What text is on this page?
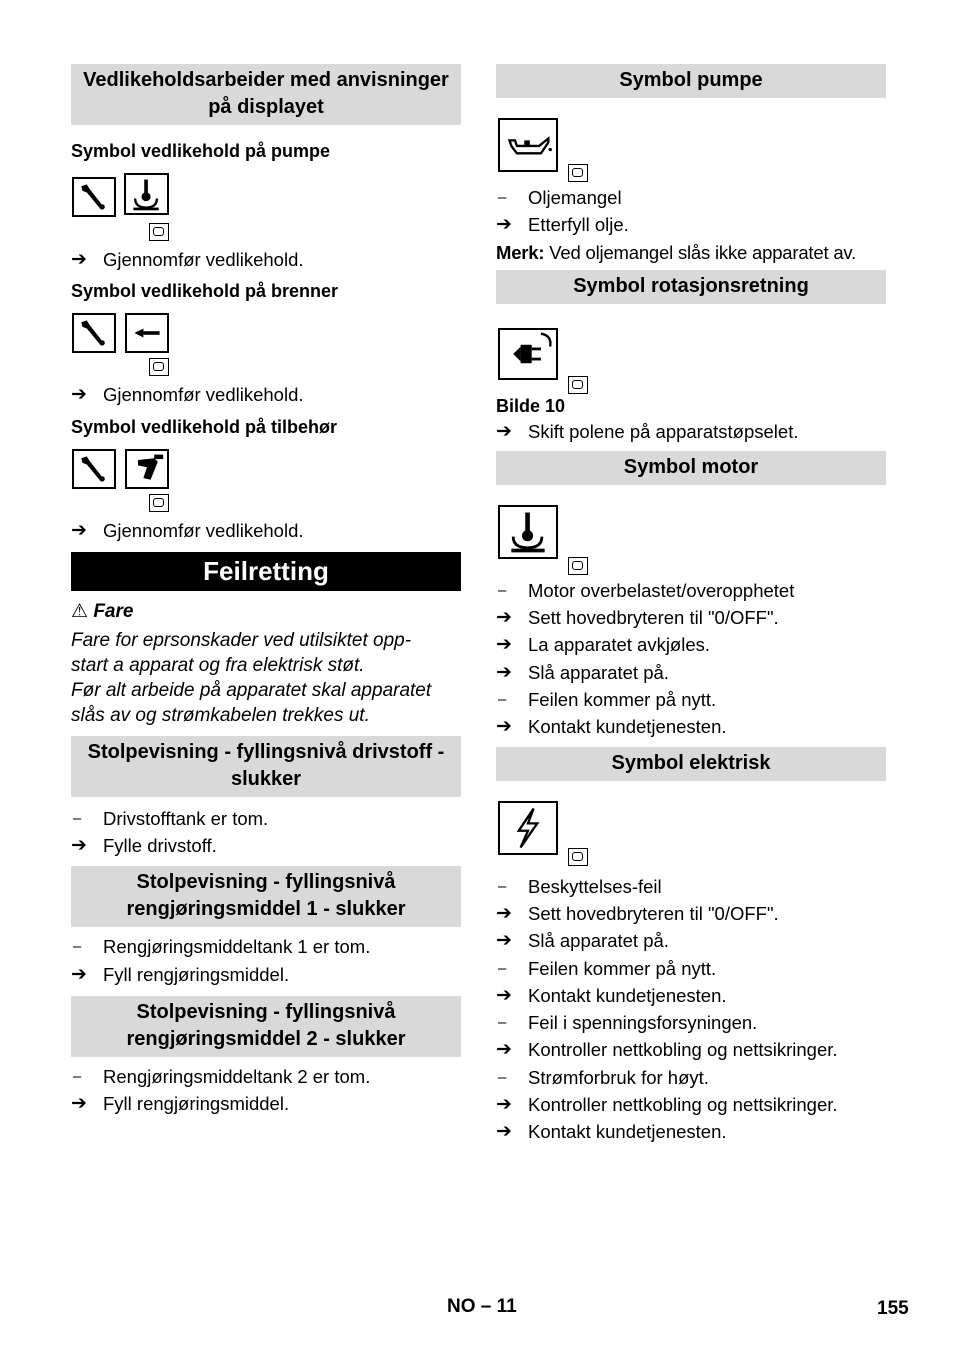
Vedlikeholdsarbeider med anvisninger på displayet
Symbol vedlikehold på pumpe
➔ Gjennomfør vedlikehold.
Symbol vedlikehold på brenner
➔ Gjennomfør vedlikehold.
Symbol vedlikehold på tilbehør
➔ Gjennomfør vedlikehold.
Feilretting
⚠ Fare
Fare for eprsonskader ved utilsiktet opp-
start a apparat og fra elektrisk støt.
Før alt arbeide på apparatet skal apparatet
slås av og strømkabelen trekkes ut.
Stolpevisning - fyllingsnivå drivstoff - slukker
–	Drivstofftank er tom.
➔ Fylle drivstoff.
Stolpevisning - fyllingsnivå rengjøringsmiddel 1 - slukker
–	Rengjøringsmiddeltank 1 er tom.
➔ Fyll rengjøringsmiddel.
Stolpevisning - fyllingsnivå rengjøringsmiddel 2 - slukker
–	Rengjøringsmiddeltank 2 er tom.
➔ Fyll rengjøringsmiddel.
Symbol pumpe
–	Oljemangel
➔ Etterfyll olje.
Merk: Ved oljemangel slås ikke apparatet av.
Symbol rotasjonsretning
Bilde 10
➔ Skift polene på apparatstøpselet.
Symbol motor
–	Motor overbelastet/overopphetet
➔ Sett hovedbryteren til "0/OFF".
➔ La apparatet avkjøles.
➔ Slå apparatet på.
–	Feilen kommer på nytt.
➔ Kontakt kundetjenesten.
Symbol elektrisk
–	Beskyttelses-feil
➔ Sett hovedbryteren til "0/OFF".
➔ Slå apparatet på.
–	Feilen kommer på nytt.
➔ Kontakt kundetjenesten.
–	Feil i spenningsforsyningen.
➔ Kontroller nettkobling og nettsikringer.
–	Strømforbruk for høyt.
➔ Kontroller nettkobling og nettsikringer.
➔ Kontakt kundetjenesten.
NO – 11	155
